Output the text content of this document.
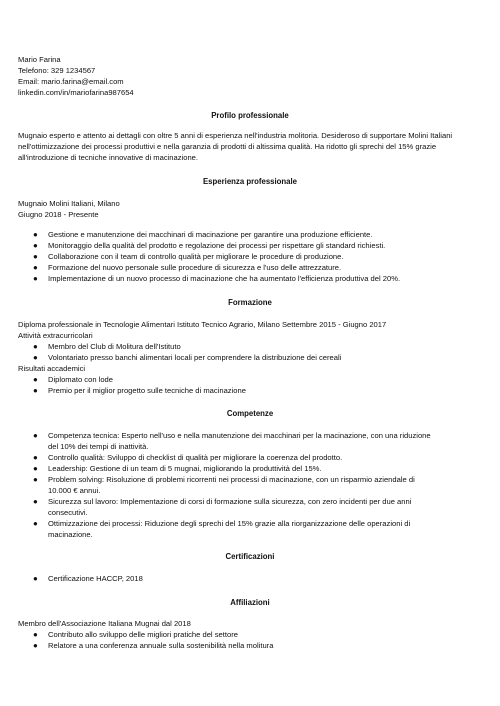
Mario Farina
Telefono: 329 1234567
Email: mario.farina@email.com
linkedin.com/in/mariofarina987654
Profilo professionale
Mugnaio esperto e attento ai dettagli con oltre 5 anni di esperienza nell'industria molitoria. Desideroso di supportare Molini Italiani nell'ottimizzazione dei processi produttivi e nella garanzia di prodotti di altissima qualità. Ha ridotto gli sprechi del 15% grazie all'introduzione di tecniche innovative di macinazione.
Esperienza professionale
Mugnaio Molini Italiani, Milano
Giugno 2018 - Presente
● Gestione e manutenzione dei macchinari di macinazione per garantire una produzione efficiente.
● Monitoraggio della qualità del prodotto e regolazione dei processi per rispettare gli standard richiesti.
● Collaborazione con il team di controllo qualità per migliorare le procedure di produzione.
● Formazione del nuovo personale sulle procedure di sicurezza e l'uso delle attrezzature.
● Implementazione di un nuovo processo di macinazione che ha aumentato l'efficienza produttiva del 20%.
Formazione
Diploma professionale in Tecnologie Alimentari Istituto Tecnico Agrario, Milano Settembre 2015 - Giugno 2017
Attività extracurricolari
● Membro del Club di Molitura dell'Istituto
● Volontariato presso banchi alimentari locali per comprendere la distribuzione dei cereali
Risultati accademici
● Diplomato con lode
● Premio per il miglior progetto sulle tecniche di macinazione
Competenze
● Competenza tecnica: Esperto nell'uso e nella manutenzione dei macchinari per la macinazione, con una riduzione
del 10% dei tempi di inattività.
● Controllo qualità: Sviluppo di checklist di qualità per migliorare la coerenza del prodotto.
● Leadership: Gestione di un team di 5 mugnai, migliorando la produttività del 15%.
● Problem solving: Risoluzione di problemi ricorrenti nei processi di macinazione, con un risparmio aziendale di
10.000 € annui.
● Sicurezza sul lavoro: Implementazione di corsi di formazione sulla sicurezza, con zero incidenti per due anni
consecutivi.
● Ottimizzazione dei processi: Riduzione degli sprechi del 15% grazie alla riorganizzazione delle operazioni di
macinazione.
Certificazioni
● Certificazione HACCP, 2018
Affiliazioni
Membro dell'Associazione Italiana Mugnai dal 2018
● Contributo allo sviluppo delle migliori pratiche del settore
● Relatore a una conferenza annuale sulla sostenibilità nella molitura
